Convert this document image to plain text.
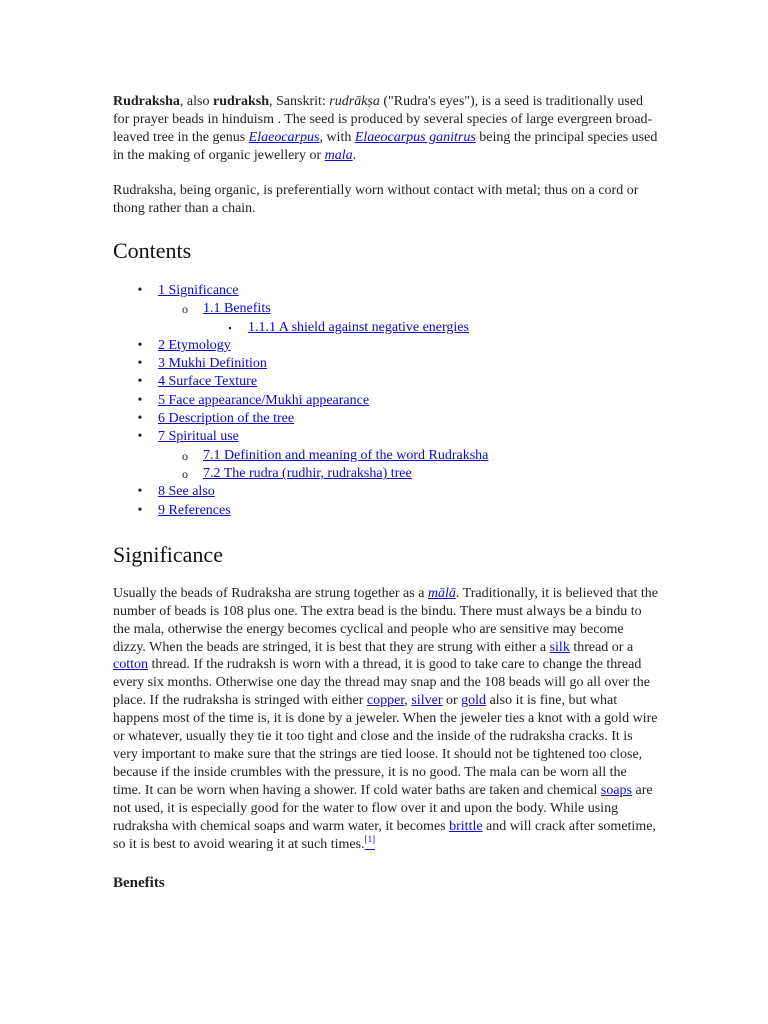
Rudraksha, also rudraksh, Sanskrit: rudrākṣa ("Rudra's eyes"), is a seed is traditionally used for prayer beads in hinduism . The seed is produced by several species of large evergreen broad-leaved tree in the genus Elaeocarpus, with Elaeocarpus ganitrus being the principal species used in the making of organic jewellery or mala.

Rudraksha, being organic, is preferentially worn without contact with metal; thus on a cord or thong rather than a chain.

Contents
•	1 Significance
o 1.1 Benefits
▪	1.1.1 A shield against negative energies
•	2 Etymology
•	3 Mukhi Definition
•	4 Surface Texture
•	5 Face appearance/Mukhi appearance
•	6 Description of the tree
•	7 Spiritual use
o 7.1 Definition and meaning of the word Rudraksha
o 7.2 The rudra (rudhir, rudraksha) tree
•	8 See also
•	9 References
Significance

Usually the beads of Rudraksha are strung together as a mālā. Traditionally, it is believed that the number of beads is 108 plus one. The extra bead is the bindu. There must always be a bindu to the mala, otherwise the energy becomes cyclical and people who are sensitive may become dizzy. When the beads are stringed, it is best that they are strung with either a silk thread or a cotton thread. If the rudraksh is worn with a thread, it is good to take care to change the thread every six months. Otherwise one day the thread may snap and the 108 beads will go all over the place. If the rudraksha is stringed with either copper, silver or gold also it is fine, but what happens most of the time is, it is done by a jeweler. When the jeweler ties a knot with a gold wire or whatever, usually they tie it too tight and close and the inside of the rudraksha cracks. It is very important to make sure that the strings are tied loose. It should not be tightened too close, because if the inside crumbles with the pressure, it is no good. The mala can be worn all the time. It can be worn when having a shower. If cold water baths are taken and chemical soaps are not used, it is especially good for the water to flow over it and upon the body. While using rudraksha with chemical soaps and warm water, it becomes brittle and will crack after sometime, so it is best to avoid wearing it at such times.[1]

Benefits
